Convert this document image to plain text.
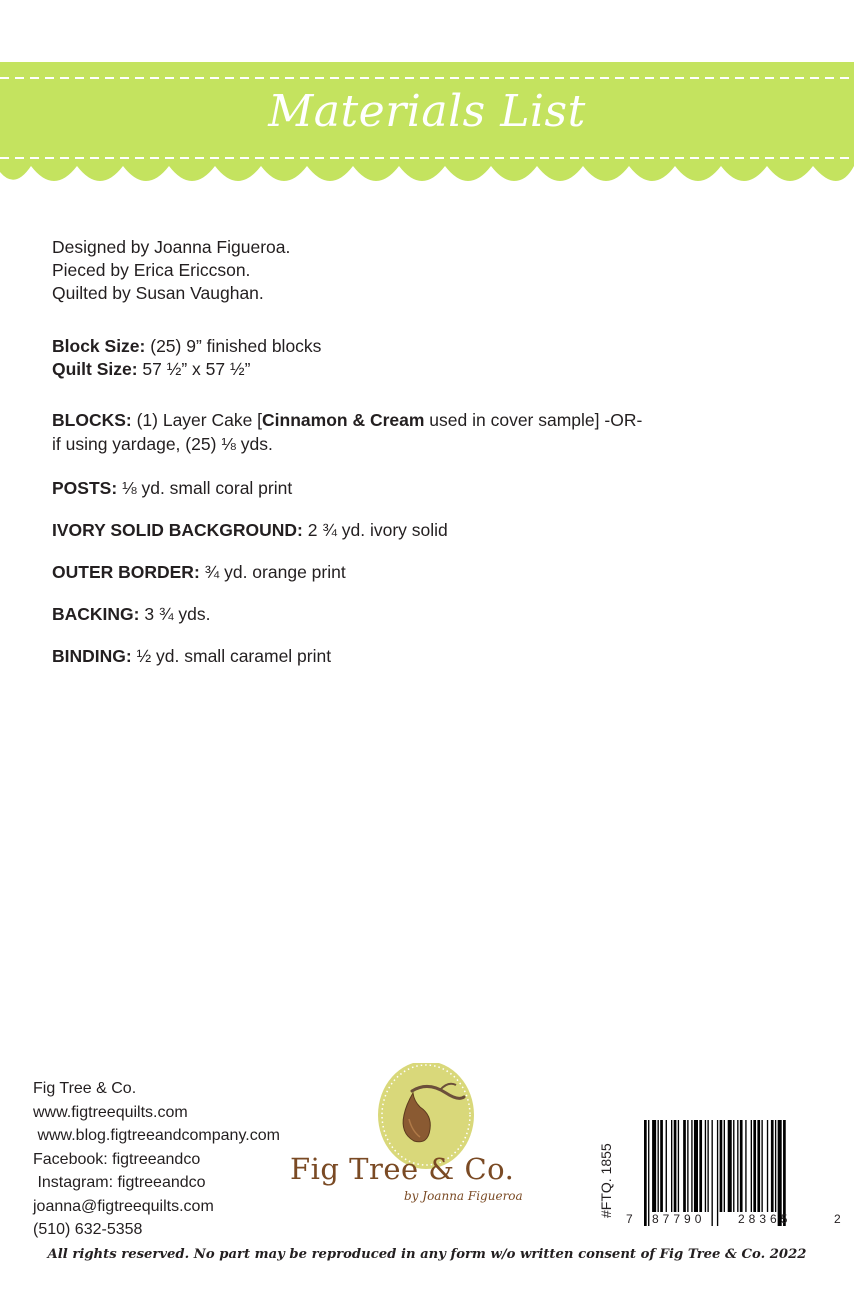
Materials List
Designed by Joanna Figueroa.
Pieced by Erica Ericcson.
Quilted by Susan Vaughan.
Block Size: (25) 9” finished blocks
Quilt Size: 57 ½” x 57 ½”
BLOCKS: (1) Layer Cake [Cinnamon & Cream used in cover sample] -OR-
if using yardage, (25) ⅛ yds.
POSTS: ⅛ yd. small coral print
IVORY SOLID BACKGROUND: 2 ¾ yd. ivory solid
OUTER BORDER: ¾ yd. orange print
BACKING: 3 ¾ yds.
BINDING: ½ yd. small caramel print
Fig Tree & Co.
www.figtreequilts.com
www.blog.figtreeandcompany.com
Facebook: figtreeandco
Instagram: figtreeandco
joanna@figtreequilts.com
(510) 632-5358
Fig Tree & Co.
by Joanna Figueroa	#FTQ. 1855
7 87790	28365	2
All rights reserved. No part may be reproduced in any form w/o written consent of Fig Tree & Co. 2022
